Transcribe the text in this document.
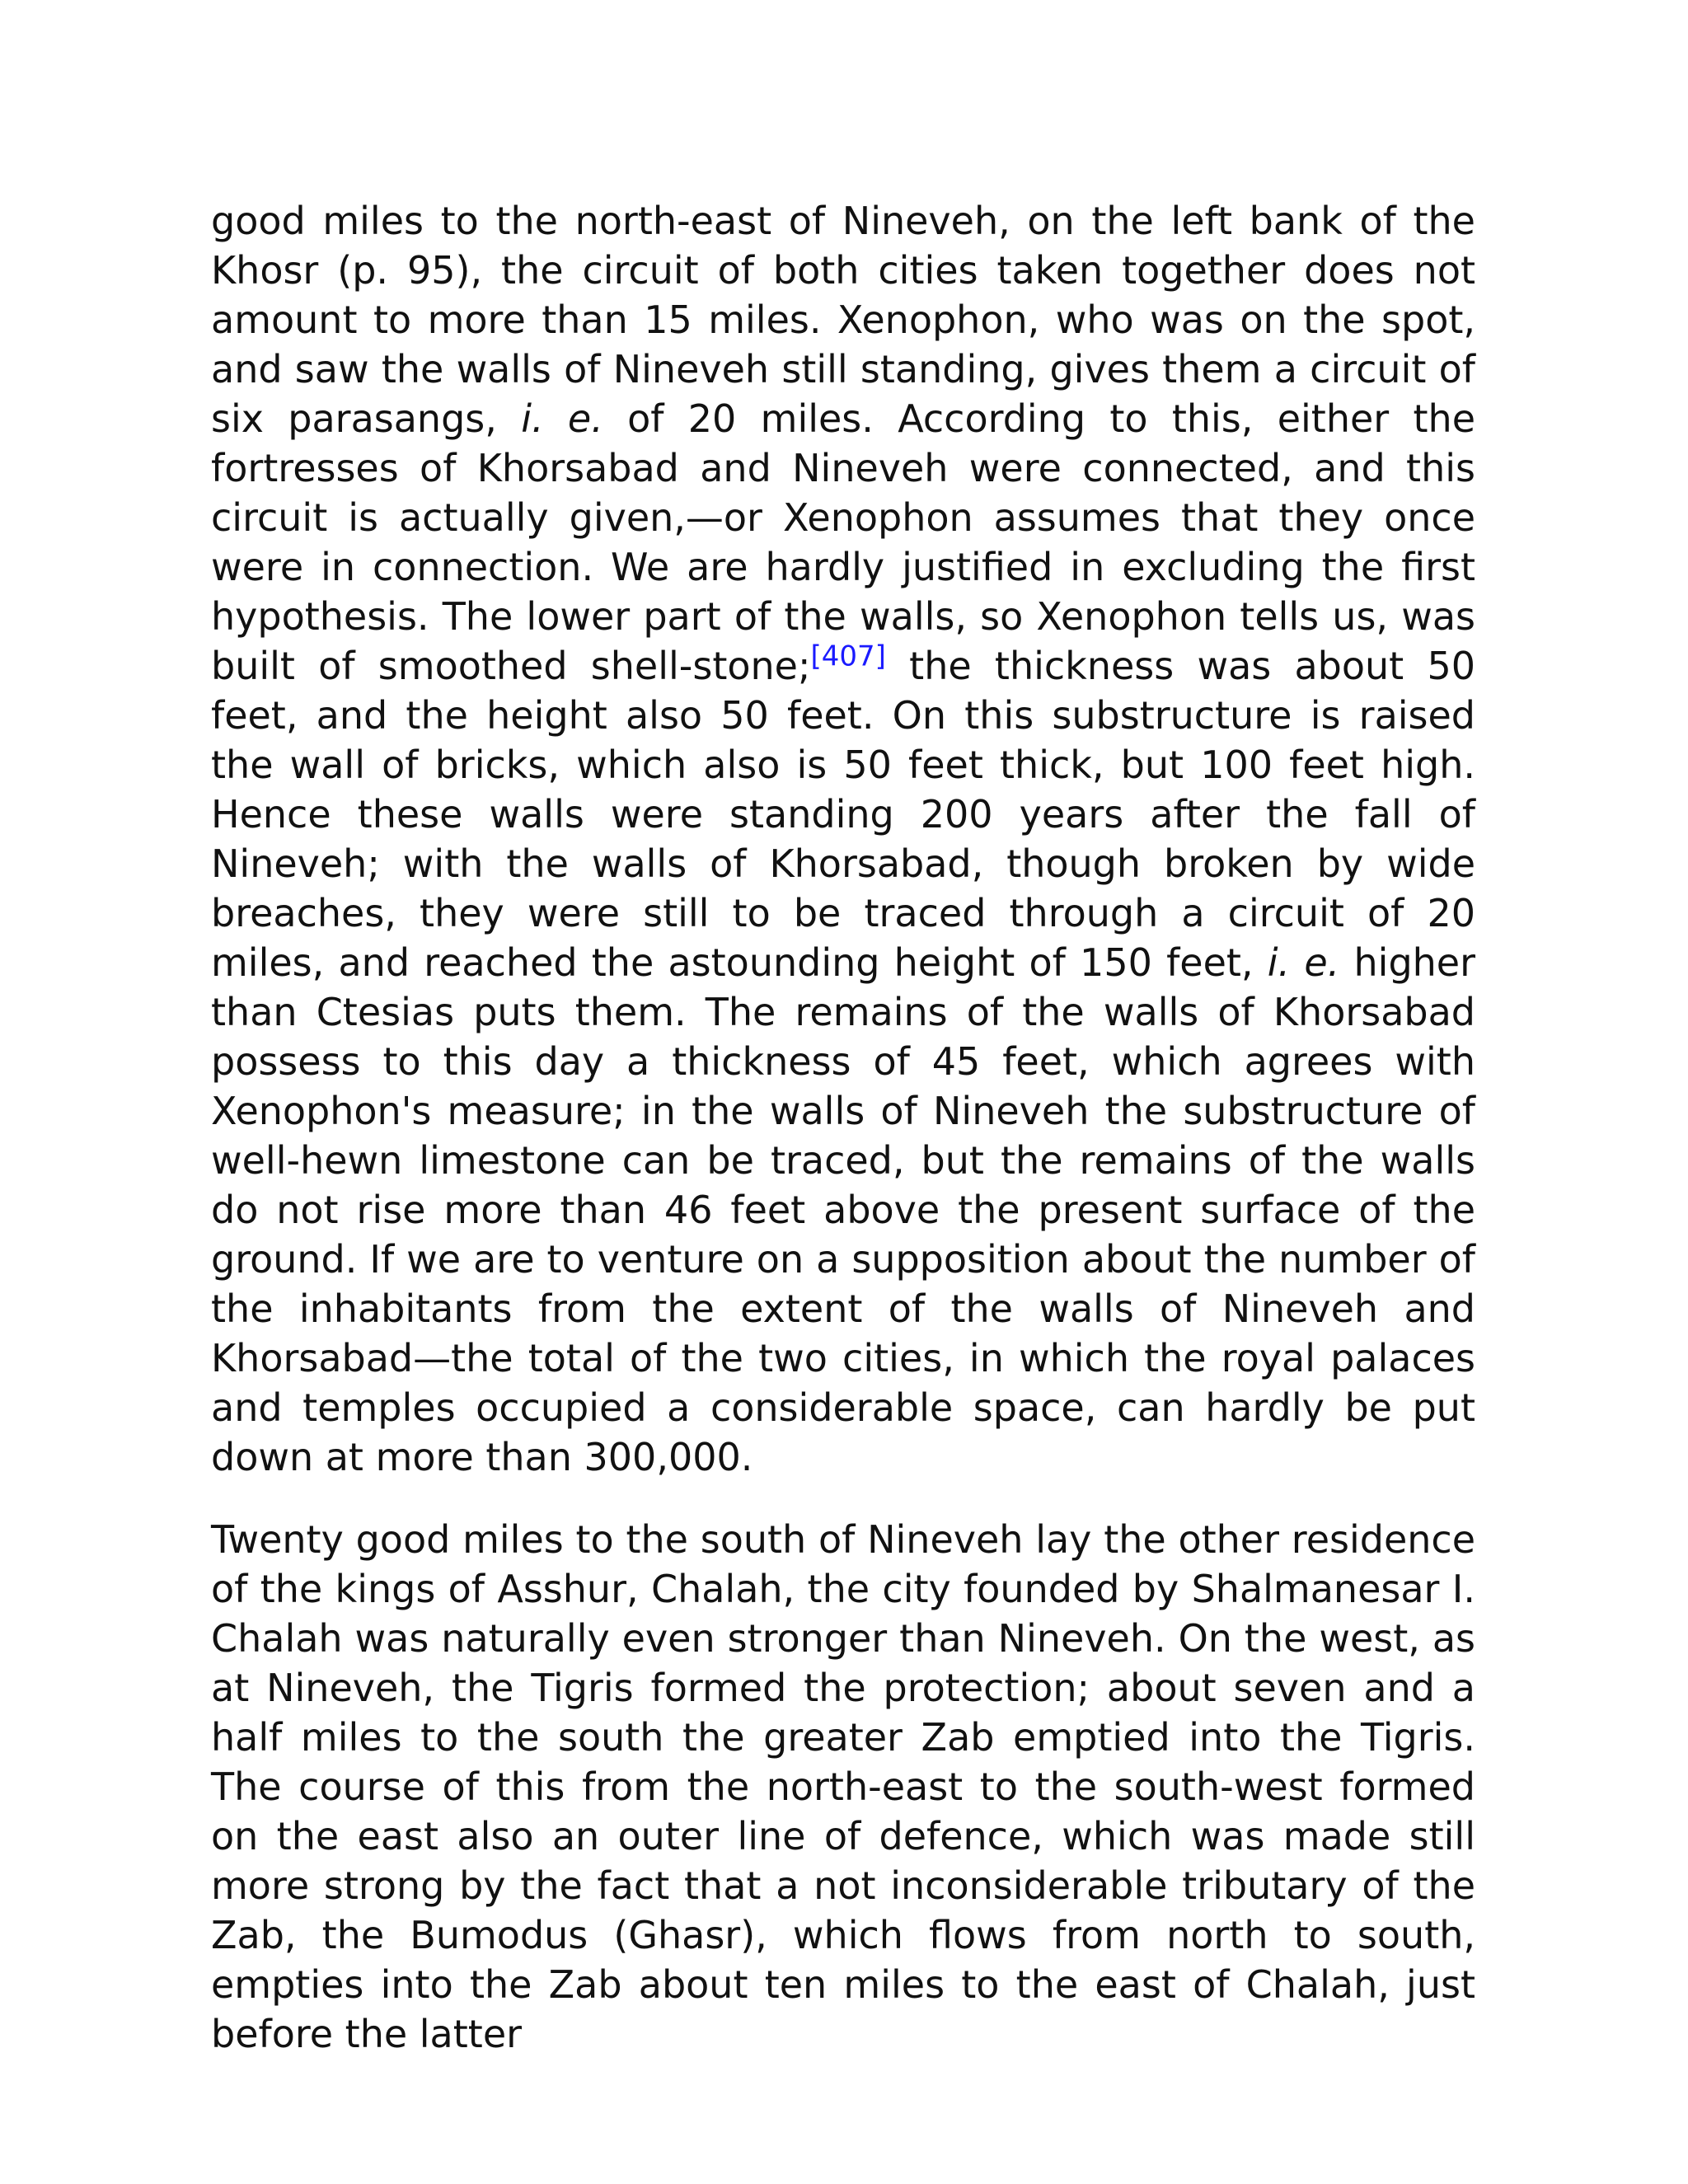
good miles to the north-east of Nineveh, on the left bank of the Khosr (p. 95), the circuit of both cities taken together does not amount to more than 15 miles. Xenophon, who was on the spot, and saw the walls of Nineveh still standing, gives them a circuit of six parasangs, i. e. of 20 miles. According to this, either the fortresses of Khorsabad and Nineveh were connected, and this circuit is actually given,—or Xenophon assumes that they once were in connection. We are hardly justified in excluding the first hypothesis. The lower part of the walls, so Xenophon tells us, was built of smoothed shell-stone;[407] the thickness was about 50 feet, and the height also 50 feet. On this substructure is raised the wall of bricks, which also is 50 feet thick, but 100 feet high. Hence these walls were standing 200 years after the fall of Nineveh; with the walls of Khorsabad, though broken by wide breaches, they were still to be traced through a circuit of 20 miles, and reached the astounding height of 150 feet, i. e. higher than Ctesias puts them. The remains of the walls of Khorsabad possess to this day a thickness of 45 feet, which agrees with Xenophon's measure; in the walls of Nineveh the substructure of well-hewn limestone can be traced, but the remains of the walls do not rise more than 46 feet above the present surface of the ground. If we are to venture on a supposition about the number of the inhabitants from the extent of the walls of Nineveh and Khorsabad—the total of the two cities, in which the royal palaces and temples occupied a considerable space, can hardly be put down at more than 300,000.

Twenty good miles to the south of Nineveh lay the other residence of the kings of Asshur, Chalah, the city founded by Shalmanesar I. Chalah was naturally even stronger than Nineveh. On the west, as at Nineveh, the Tigris formed the protection; about seven and a half miles to the south the greater Zab emptied into the Tigris. The course of this from the north-east to the south-west formed on the east also an outer line of defence, which was made still more strong by the fact that a not inconsiderable tributary of the Zab, the Bumodus (Ghasr), which flows from north to south, empties into the Zab about ten miles to the east of Chalah, just before the latter
